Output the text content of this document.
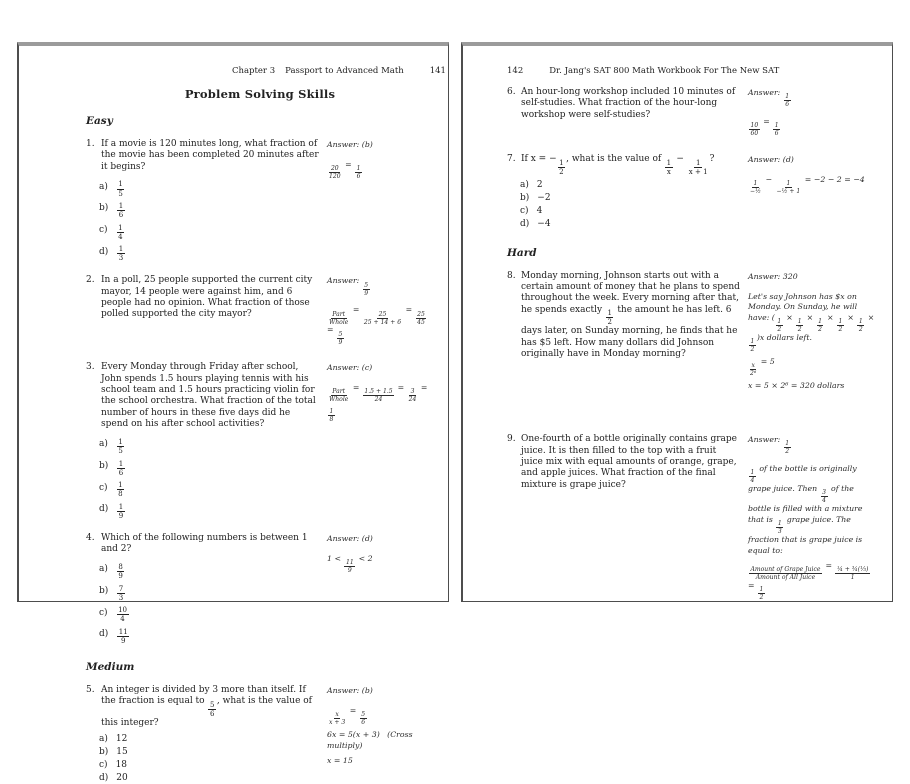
Chapter 3 Passport to Advanced Math	141
Problem Solving Skills
Easy
1. If a movie is 120 minutes long, what fraction of the movie has been completed 20 minutes after it begins?
$a) \frac{1}{5}$
$b) \frac{1}{6}$
$c) \frac{1}{4}$
$d) \frac{1}{3}$
Answer: (b)
$\frac{20}{120}$
=
$\frac{1}{6}$
2. In a poll, 25 people supported the current city mayor, 14 people were against him, and 6 people had no opinion. What fraction of those polled supported the city mayor?
Answer:
$\frac{5}{9}$
$\frac{\text{Part}}{\text{Whole}}$
=
$\frac{25}{25 + 14 + 6}$
=
$\frac{25}{45}$
=
$\frac{5}{9}$
3. Every Monday through Friday after school, John spends 1.5 hours playing tennis with his school team and 1.5 hours practicing violin for the school orchestra. What fraction of the total number of hours in these five days did he spend on his after school activities?
$a) \frac{1}{5}$
$b) \frac{1}{6}$
$c) \frac{1}{8}$
$d) \frac{1}{9}$
Answer: (c)
$\frac{\text{Part}}{\text{Whole}}$
=
$\frac{1.5 + 1.5}{24}$
=
$\frac{3}{24}$
=
$\frac{1}{8}$
4. Which of the following numbers is between 1 and 2?
$a) \frac{8}{9}$
$b) \frac{7}{3}$
$c) \frac{10}{4}$
$d) \frac{11}{9}$
Answer: (d)
1 <
$\frac{11}{9}$
< 2
Medium
5. An integer is divided by 3 more than itself. If the fraction is equal to $\frac{5}{6}$ , what is the value of this integer?
a) 12
b) 15
c) 18
d) 20
Answer: (b)
$\frac{x}{x + 3}$
=
$\frac{5}{6}$
6x = 5(x + 3)   (Cross multiply)
x = 15
142	Dr. Jang's SAT 800 Math Workbook For The New SAT
6. An hour-long workshop included 10 minutes of self-studies. What fraction of the hour-long workshop were self-studies?
Answer:
$\frac{1}{6}$
$\frac{10}{60}$
=
$\frac{1}{6}$
7. If x = − $\frac{1}{2}$ , what is the value of $\frac{1}{x} - \frac{1}{x + 1}$ ?
a) 2
b) −2
c) 4
d) −4
Answer: (d)
$\frac{1}{\text{−½}}$
−
$\frac{1}{\text{−½ + 1}}$
= −2 − 2 = −4
Hard
8. Monday morning, Johnson starts out with a certain amount of money that he plans to spend throughout the week. Every morning after that, he spends exactly $\frac{1}{2}$ the amount he has left. 6 days later, on Sunday morning, he finds that he has $5 left. How many dollars did Johnson originally have in Monday morning?
Answer: 320
Let's say Johnson has $x on Monday. On Sunday, he will have: (
$\frac{1}{2}$
×
$\frac{1}{2}$
×
$\frac{1}{2}$
×
$\frac{1}{2}$
×
$\frac{1}{2}$
×
$\frac{1}{2}$
)x dollars left.
$\frac{x}{\text{2⁶}}$
= 5
x = 5 × 2⁶ = 320 dollars
9. One-fourth of a bottle originally contains grape juice. It is then filled to the top with a fruit juice mix with equal amounts of orange, grape, and apple juices. What fraction of the final mixture is grape juice?
Answer:
$\frac{1}{2}$
$\frac{1}{4}$
of the bottle is originally grape juice. Then
$\frac{3}{4}$
of the bottle is filled with a mixture that is
$\frac{1}{3}$
grape juice. The fraction that is grape juice is equal to:
$\frac{\text{Amount of Grape Juice}}{\text{Amount of All Juice}}$
=
$\frac{\text{¼ + ¾(⅓)}}{1}$
=
$\frac{1}{2}$
